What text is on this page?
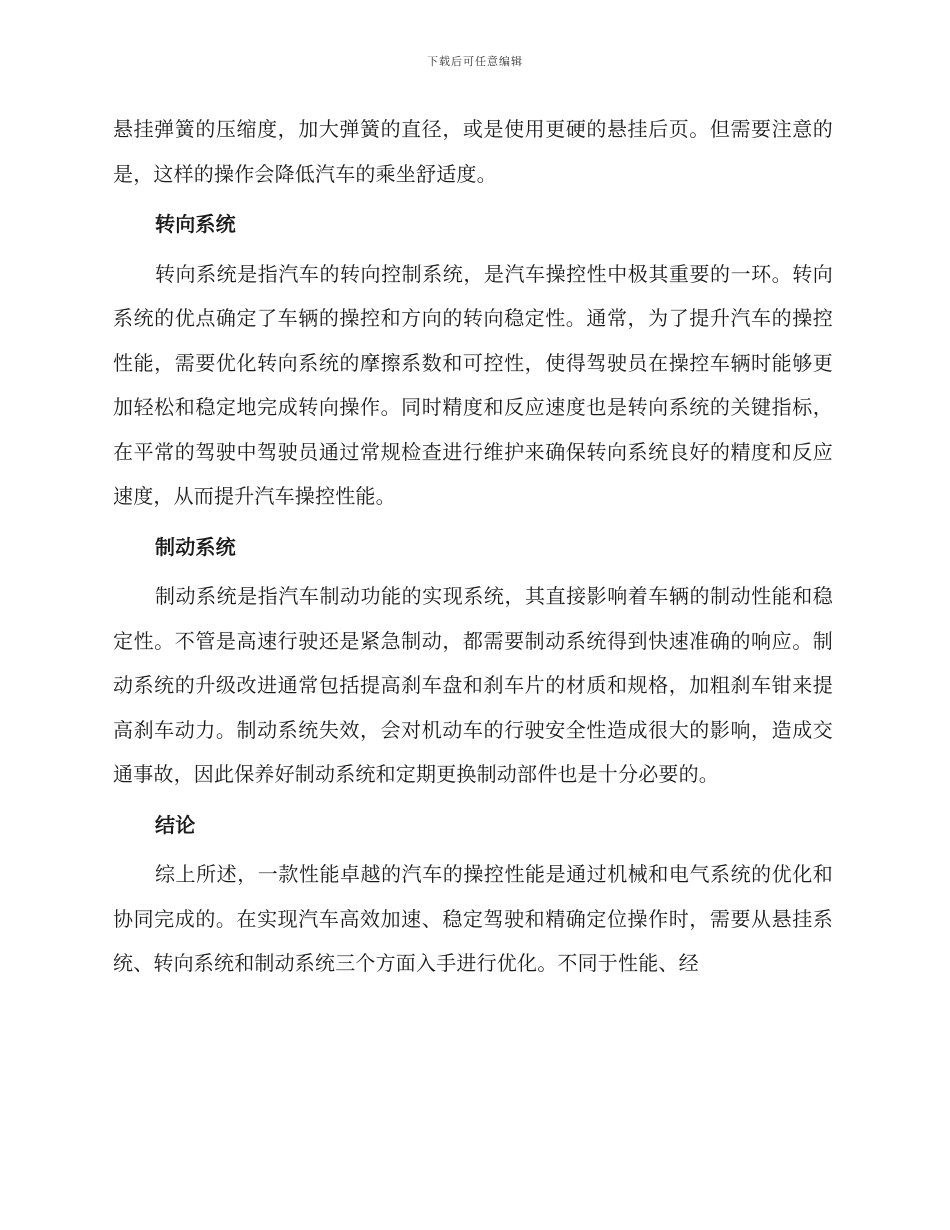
下载后可任意编辑

悬挂弹簧的压缩度，加大弹簧的直径，或是使用更硬的悬挂后页。但需要注意的是，这样的操作会降低汽车的乘坐舒适度。

转向系统

转向系统是指汽车的转向控制系统，是汽车操控性中极其重要的一环。转向系统的优点确定了车辆的操控和方向的转向稳定性。通常，为了提升汽车的操控性能，需要优化转向系统的摩擦系数和可控性，使得驾驶员在操控车辆时能够更加轻松和稳定地完成转向操作。同时精度和反应速度也是转向系统的关键指标，在平常的驾驶中驾驶员通过常规检查进行维护来确保转向系统良好的精度和反应速度，从而提升汽车操控性能。

制动系统

制动系统是指汽车制动功能的实现系统，其直接影响着车辆的制动性能和稳定性。不管是高速行驶还是紧急制动，都需要制动系统得到快速准确的响应。制动系统的升级改进通常包括提高刹车盘和刹车片的材质和规格，加粗刹车钳来提高刹车动力。制动系统失效，会对机动车的行驶安全性造成很大的影响，造成交通事故，因此保养好制动系统和定期更换制动部件也是十分必要的。

结论

综上所述，一款性能卓越的汽车的操控性能是通过机械和电气系统的优化和协同完成的。在实现汽车高效加速、稳定驾驶和精确定位操作时，需要从悬挂系统、转向系统和制动系统三个方面入手进行优化。不同于性能、经
